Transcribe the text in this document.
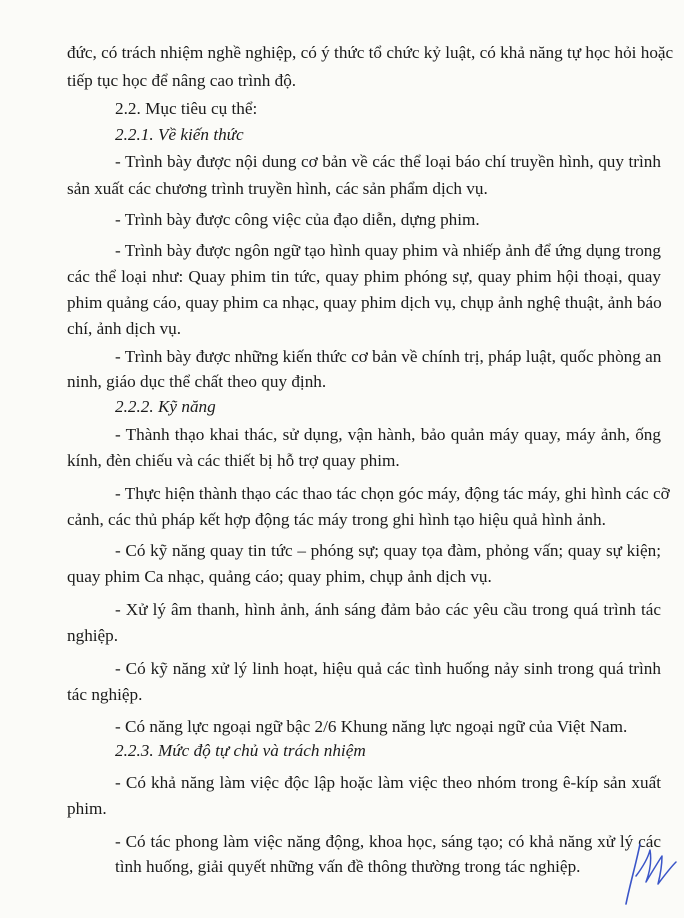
đức, có trách nhiệm nghề nghiệp, có ý thức tổ chức kỷ luật, có khả năng tự học hỏi hoặc

tiếp tục học để nâng cao trình độ.

2.2. Mục tiêu cụ thể:

2.2.1. Về kiến thức

- Trình bày được nội dung cơ bản về các thể loại báo chí truyền hình, quy trình

sản xuất các chương trình truyền hình, các sản phẩm dịch vụ.

- Trình bày được công việc của đạo diễn, dựng phim.

- Trình bày được ngôn ngữ tạo hình quay phim và nhiếp ảnh để ứng dụng trong

các thể loại như: Quay phim tin tức, quay phim phóng sự, quay phim hội thoại, quay

phim quảng cáo, quay phim ca nhạc, quay phim dịch vụ, chụp ảnh nghệ thuật, ảnh báo

chí, ảnh dịch vụ.

- Trình bày được những kiến thức cơ bản về chính trị, pháp luật, quốc phòng an

ninh, giáo dục thể chất theo quy định.

2.2.2. Kỹ năng

- Thành thạo khai thác, sử dụng, vận hành, bảo quản máy quay, máy ảnh, ống

kính, đèn chiếu và các thiết bị hỗ trợ quay phim.

- Thực hiện thành thạo các thao tác chọn góc máy, động tác máy, ghi hình các cỡ

cảnh, các thủ pháp kết hợp động tác máy trong ghi hình tạo hiệu quả hình ảnh.

- Có kỹ năng quay tin tức – phóng sự; quay tọa đàm, phỏng vấn; quay sự kiện;

quay phim Ca nhạc, quảng cáo; quay phim, chụp ảnh dịch vụ.

- Xử lý âm thanh, hình ảnh, ánh sáng đảm bảo các yêu cầu trong quá trình tác

nghiệp.

- Có kỹ năng xử lý linh hoạt, hiệu quả các tình huống nảy sinh trong quá trình

tác nghiệp.

- Có năng lực ngoại ngữ bậc 2/6 Khung năng lực ngoại ngữ của Việt Nam.

2.2.3. Mức độ tự chủ và trách nhiệm

- Có khả năng làm việc độc lập hoặc làm việc theo nhóm trong ê-kíp sản xuất

phim.

- Có tác phong làm việc năng động, khoa học, sáng tạo; có khả năng xử lý các

tình huống, giải quyết những vấn đề thông thường trong tác nghiệp.
